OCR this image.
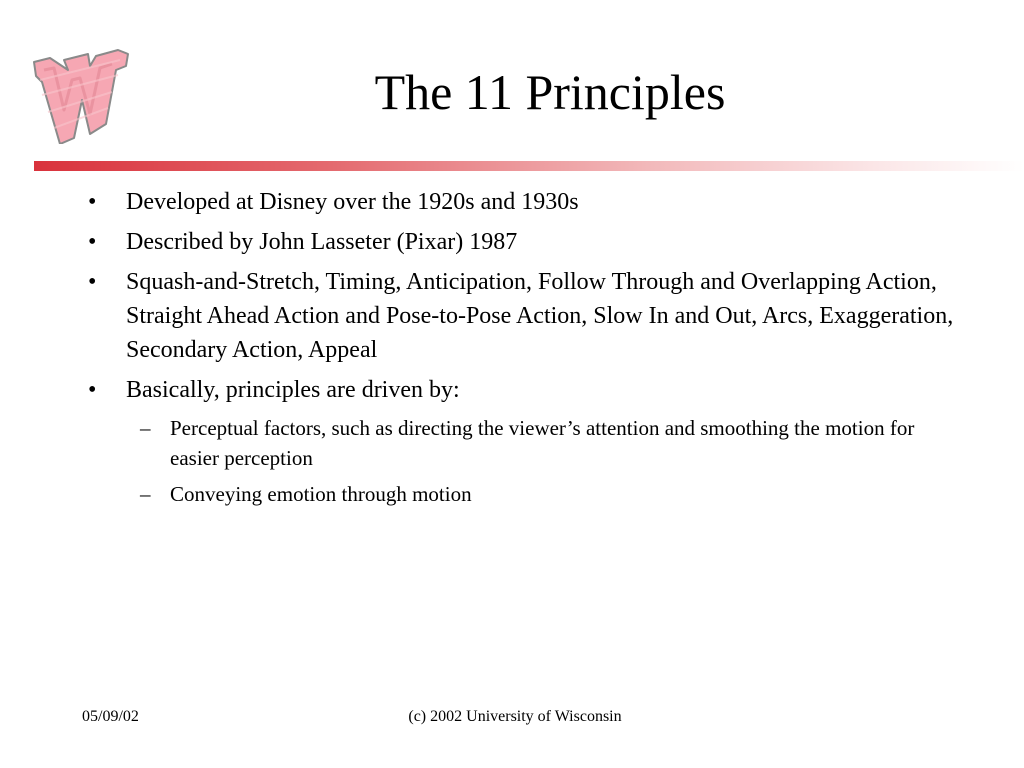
The 11 Principles
• Developed at Disney over the 1920s and 1930s
• Described by John Lasseter (Pixar) 1987
• Squash-and-Stretch, Timing, Anticipation, Follow Through and Overlapping Action, Straight Ahead Action and Pose-to-Pose Action, Slow In and Out, Arcs, Exaggeration, Secondary Action, Appeal
• Basically, principles are driven by:
– Perceptual factors, such as directing the viewer’s attention and smoothing the motion for easier perception
– Conveying emotion through motion
05/09/02	(c) 2002 University of Wisconsin
